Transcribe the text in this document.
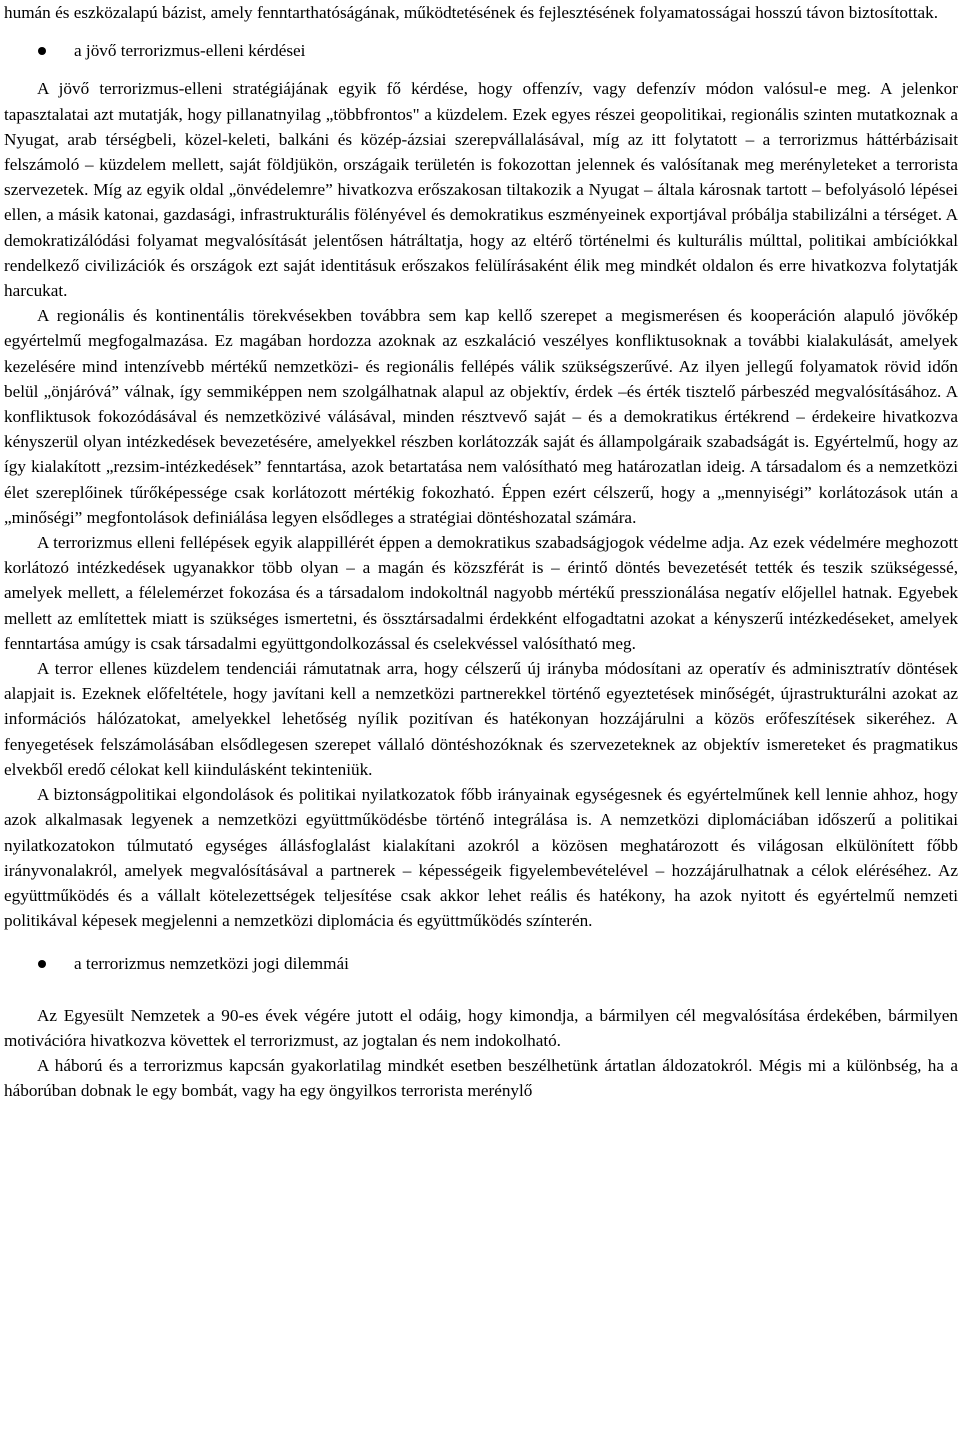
humán és eszközalapú bázist, amely fenntarthatóságának, működtetésének és fejlesztésének folyamatosságai hosszú távon biztosítottak.

a jövő terrorizmus-elleni kérdései

A jövő terrorizmus-elleni stratégiájának egyik fő kérdése, hogy offenzív, vagy defenzív módon valósul-e meg. A jelenkor tapasztalatai azt mutatják, hogy pillanatnyilag „többfrontos" a küzdelem. Ezek egyes részei geopolitikai, regionális szinten mutatkoznak a Nyugat, arab térségbeli, közel-keleti, balkáni és közép-ázsiai szerepvállalásával, míg az itt folytatott – a terrorizmus háttérbázisait felszámoló – küzdelem mellett, saját földjükön, országaik területén is fokozottan jelennek és valósítanak meg merényleteket a terrorista szervezetek. Míg az egyik oldal „önvédelemre” hivatkozva erőszakosan tiltakozik a Nyugat – általa károsnak tartott – befolyásoló lépései ellen, a másik katonai, gazdasági, infrastrukturális fölényével és demokratikus eszményeinek exportjával próbálja stabilizálni a térséget. A demokratizálódási folyamat megvalósítását jelentősen hátráltatja, hogy az eltérő történelmi és kulturális múlttal, politikai ambíciókkal rendelkező civilizációk és országok ezt saját identitásuk erőszakos felülírásaként élik meg mindkét oldalon és erre hivatkozva folytatják harcukat.

A regionális és kontinentális törekvésekben továbbra sem kap kellő szerepet a megismerésen és kooperáción alapuló jövőkép egyértelmű megfogalmazása. Ez magában hordozza azoknak az eszkaláció veszélyes konfliktusoknak a további kialakulását, amelyek kezelésére mind intenzívebb mértékű nemzetközi- és regionális fellépés válik szükségszerűvé. Az ilyen jellegű folyamatok rövid időn belül „önjáróvá” válnak, így semmiképpen nem szolgálhatnak alapul az objektív, érdek –és érték tisztelő párbeszéd megvalósításához. A konfliktusok fokozódásával és nemzetközivé válásával, minden résztvevő saját – és a demokratikus értékrend – érdekeire hivatkozva kényszerül olyan intézkedések bevezetésére, amelyekkel részben korlátozzák saját és állampolgáraik szabadságát is. Egyértelmű, hogy az így kialakított „rezsim-intézkedések” fenntartása, azok betartatása nem valósítható meg határozatlan ideig. A társadalom és a nemzetközi élet szereplőinek tűrőképessége csak korlátozott mértékig fokozható. Éppen ezért célszerű, hogy a „mennyiségi” korlátozások után a „minőségi” megfontolások definiálása legyen elsődleges a stratégiai döntéshozatal számára.

A terrorizmus elleni fellépések egyik alappillérét éppen a demokratikus szabadságjogok védelme adja. Az ezek védelmére meghozott korlátozó intézkedések ugyanakkor több olyan – a magán és közszférát is – érintő döntés bevezetését tették és teszik szükségessé, amelyek mellett, a félelemérzet fokozása és a társadalom indokoltnál nagyobb mértékű presszionálása negatív előjellel hatnak. Egyebek mellett az említettek miatt is szükséges ismertetni, és össztársadalmi érdekként elfogadtatni azokat a kényszerű intézkedéseket, amelyek fenntartása amúgy is csak társadalmi együttgondolkozással és cselekvéssel valósítható meg.

A terror ellenes küzdelem tendenciái rámutatnak arra, hogy célszerű új irányba módosítani az operatív és adminisztratív döntések alapjait is. Ezeknek előfeltétele, hogy javítani kell a nemzetközi partnerekkel történő egyeztetések minőségét, újrastrukturálni azokat az információs hálózatokat, amelyekkel lehetőség nyílik pozitívan és hatékonyan hozzájárulni a közös erőfeszítések sikeréhez. A fenyegetések felszámolásában elsődlegesen szerepet vállaló döntéshozóknak és szervezeteknek az objektív ismereteket és pragmatikus elvekből eredő célokat kell kiindulásként tekinteniük.

A biztonságpolitikai elgondolások és politikai nyilatkozatok főbb irányainak egységesnek és egyértelműnek kell lennie ahhoz, hogy azok alkalmasak legyenek a nemzetközi együttműködésbe történő integrálása is. A nemzetközi diplomáciában időszerű a politikai nyilatkozatokon túlmutató egységes állásfoglalást kialakítani azokról a közösen meghatározott és világosan elkülönített főbb irányvonalakról, amelyek megvalósításával a partnerek – képességeik figyelembevételével – hozzájárulhatnak a célok eléréséhez. Az együttműködés és a vállalt kötelezettségek teljesítése csak akkor lehet reális és hatékony, ha azok nyitott és egyértelmű nemzeti politikával képesek megjelenni a nemzetközi diplomácia és együttműködés színterén.

a terrorizmus nemzetközi jogi dilemmái

Az Egyesült Nemzetek a 90-es évek végére jutott el odáig, hogy kimondja, a bármilyen cél megvalósítása érdekében, bármilyen motivációra hivatkozva követtek el terrorizmust, az jogtalan és nem indokolható.

A háború és a terrorizmus kapcsán gyakorlatilag mindkét esetben beszélhetünk ártatlan áldozatokról. Mégis mi a különbség, ha a háborúban dobnak le egy bombát, vagy ha egy öngyilkos terrorista merénylő
